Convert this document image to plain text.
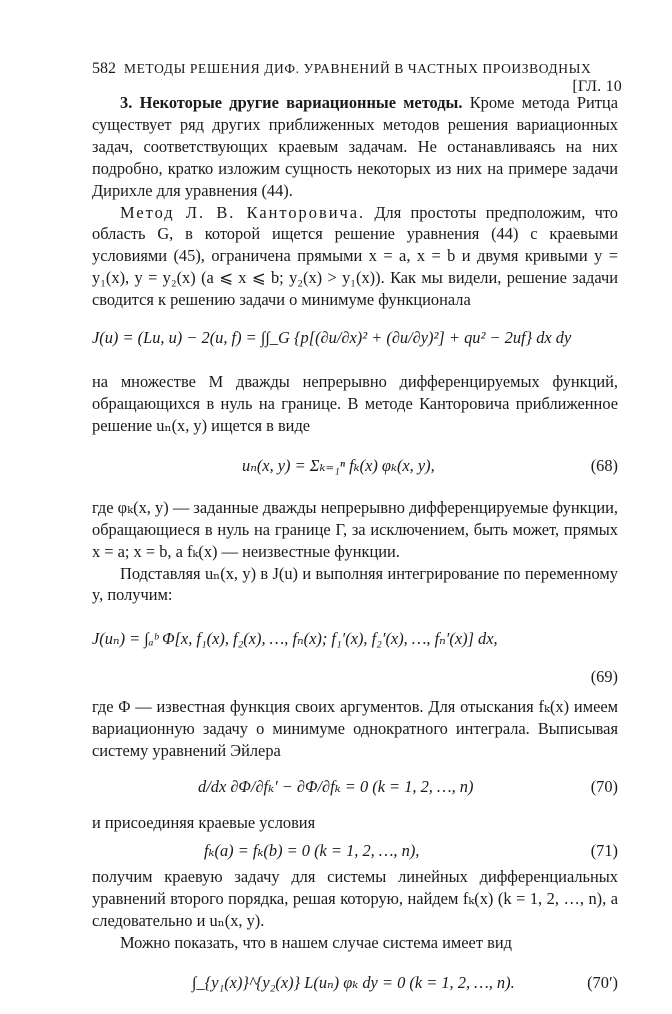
582 МЕТОДЫ РЕШЕНИЯ ДИФ. УРАВНЕНИЙ В ЧАСТНЫХ ПРОИЗВОДНЫХ
[ГЛ. 10

3. Некоторые другие вариационные методы. Кроме метода Ритца существует ряд других приближенных методов решения вариационных задач, соответствующих краевым задачам. Не останавливаясь на них подробно, кратко изложим сущность некоторых из них на примере задачи Дирихле для уравнения (44).

Метод Л. В. Канторовича. Для простоты предположим, что область G, в которой ищется решение уравнения (44) с краевыми условиями (45), ограничена прямыми x = a, x = b и двумя кривыми y = y₁(x), y = y₂(x) (a ⩽ x ⩽ b; y₂(x) > y₁(x)). Как мы видели, решение задачи сводится к решению задачи о минимуме функционала

J(u) = (Lu, u) − 2(u, f) = ∫∫_G {p[(∂u/∂x)² + (∂u/∂y)²] + qu² − 2uf} dx dy

на множестве M дважды непрерывно дифференцируемых функций, обращающихся в нуль на границе. В методе Канторовича приближенное решение uₙ(x, y) ищется в виде

uₙ(x, y) = Σₖ₌₁ⁿ fₖ(x) φₖ(x, y),	(68)

где φₖ(x, y) — заданные дважды непрерывно дифференцируемые функции, обращающиеся в нуль на границе Γ, за исключением, быть может, прямых x = a; x = b, а fₖ(x) — неизвестные функции.

Подставляя uₙ(x, y) в J(u) и выполняя интегрирование по переменному y, получим:

J(uₙ) = ∫ₐᵇ Φ[x, f₁(x), f₂(x), …, fₙ(x); f₁′(x), f₂′(x), …, fₙ′(x)] dx,
(69)

где Φ — известная функция своих аргументов. Для отыскания fₖ(x) имеем вариационную задачу о минимуме однократного интеграла. Выписывая систему уравнений Эйлера

d/dx ∂Φ/∂fₖ′ − ∂Φ/∂fₖ = 0 (k = 1, 2, …, n)	(70)

и присоединяя краевые условия

fₖ(a) = fₖ(b) = 0 (k = 1, 2, …, n),	(71)

получим краевую задачу для системы линейных дифференциальных уравнений второго порядка, решая которую, найдем fₖ(x) (k = 1, 2, …, n), а следовательно и uₙ(x, y).

Можно показать, что в нашем случае система имеет вид

∫_{y₁(x)}^{y₂(x)} L(uₙ) φₖ dy = 0 (k = 1, 2, …, n).	(70′)
